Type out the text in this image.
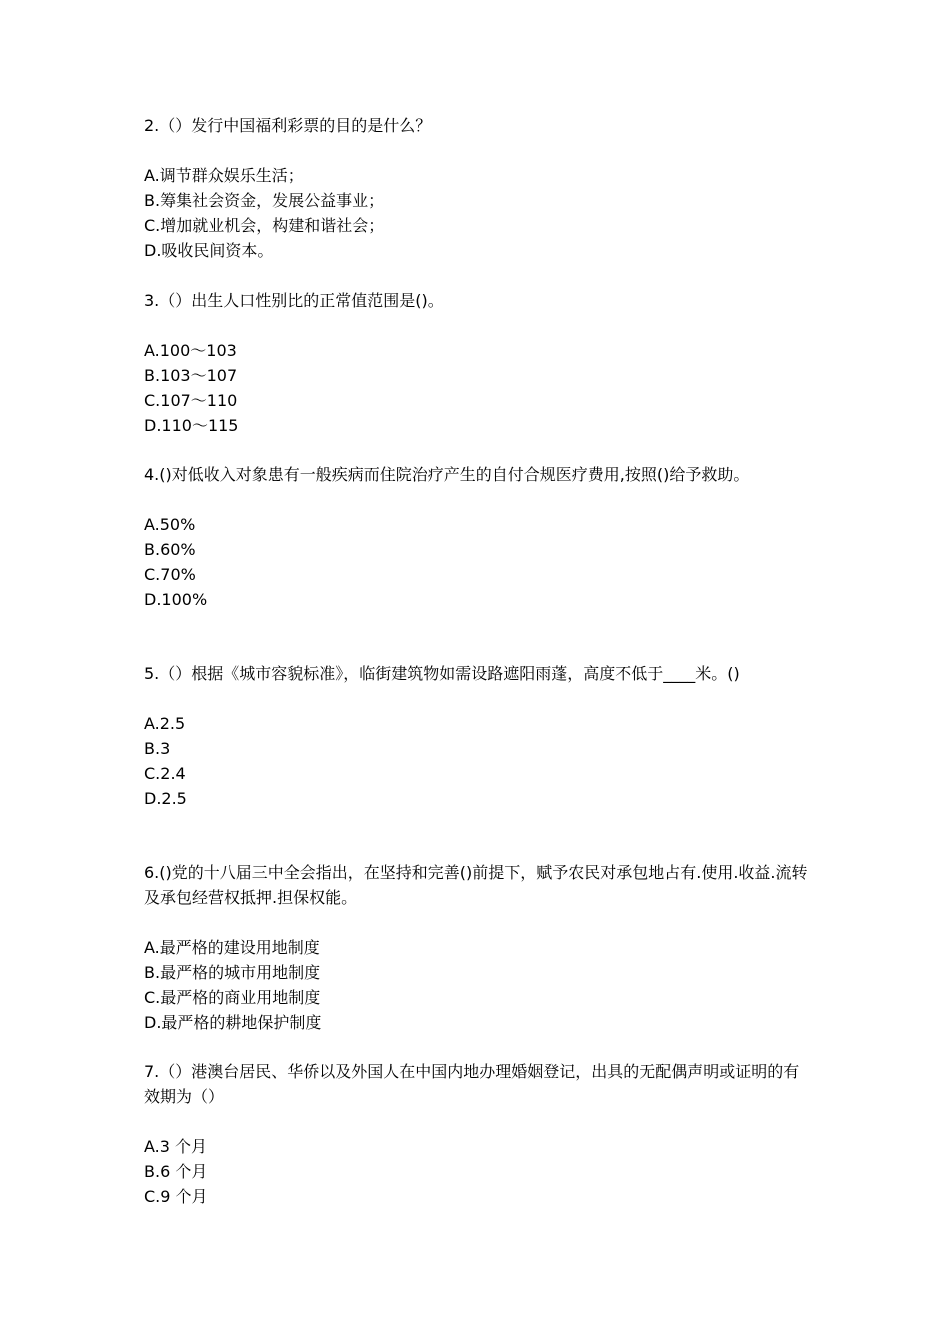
2.（）发行中国福利彩票的目的是什么？

A.调节群众娱乐生活；

B.筹集社会资金，发展公益事业；

C.增加就业机会，构建和谐社会；

D.吸收民间资本。

3.（）出生人口性别比的正常值范围是()。

A.100～103

B.103～107

C.107～110

D.110～115

4.()对低收入对象患有一般疾病而住院治疗产生的自付合规医疗费用,按照()给予救助。

A.50%

B.60%

C.70%

D.100%

5.（）根据《城市容貌标准》，临街建筑物如需设路遮阳雨蓬，高度不低于____米。()

A.2.5

B.3

C.2.4

D.2.5

6.()党的十八届三中全会指出，在坚持和完善()前提下，赋予农民对承包地占有.使用.收益.流转及承包经营权抵押.担保权能。

A.最严格的建设用地制度

B.最严格的城市用地制度

C.最严格的商业用地制度

D.最严格的耕地保护制度

7.（）港澳台居民、华侨以及外国人在中国内地办理婚姻登记，出具的无配偶声明或证明的有效期为（）

A.3 个月

B.6 个月

C.9 个月
